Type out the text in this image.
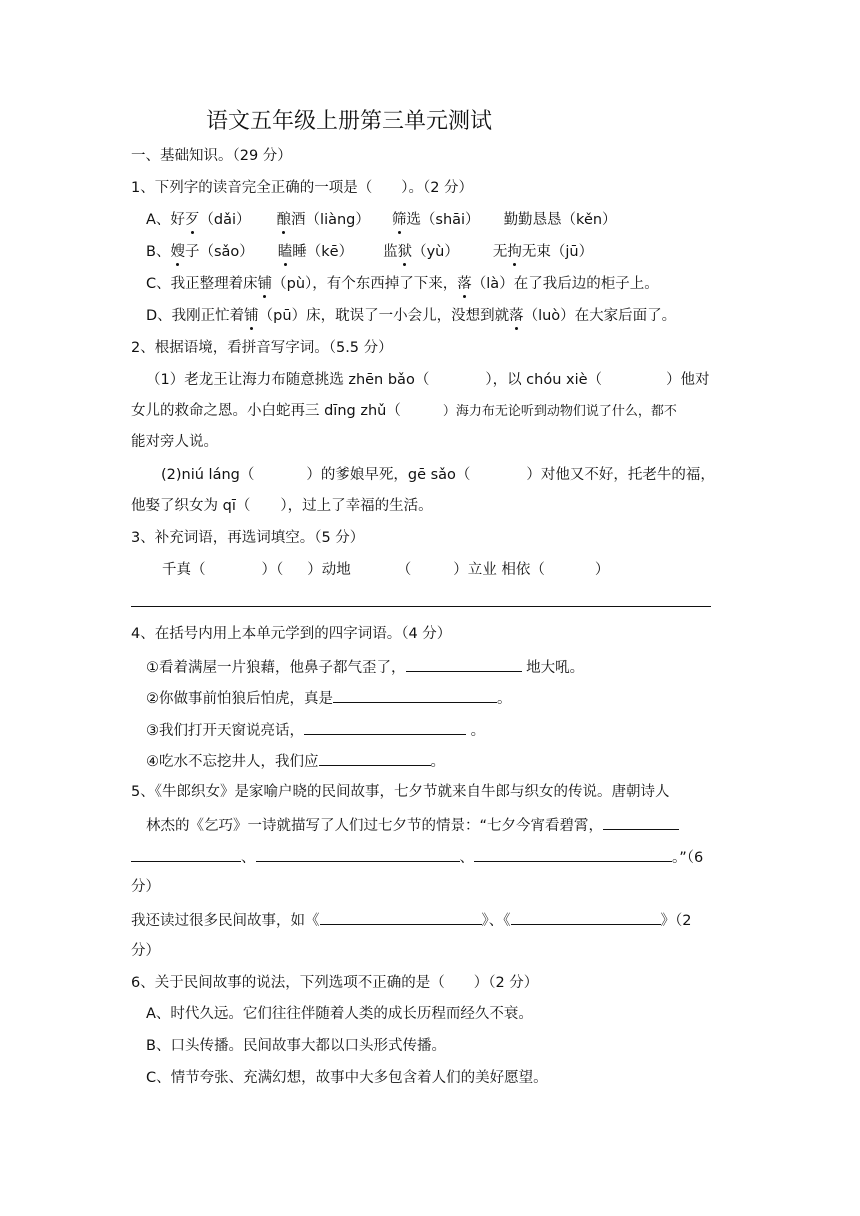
语文五年级上册第三单元测试
一、基础知识。（29 分）
1、下列字的读音完全正确的一项是（　　）。（2 分）
A、好歹（dǎi） 酿酒（liàng） 筛选（shāi） 勤勤恳恳（kěn）
B、嫂子（sǎo） 瞌睡（kē） 监狱（yù） 无拘无束（jū）
C、我正整理着床铺（pù），有个东西掉了下来，落（là）在了我后边的柜子上。
D、我刚正忙着铺（pū）床，耽误了一小会儿，没想到就落（luò）在大家后面了。
2、根据语境，看拼音写字词。（5.5 分）
（1）老龙王让海力布随意挑选 zhēn bǎo（	），以 chóu xiè（	）他对
女儿的救命之恩。小白蛇再三 dīng zhǔ（	）海力布无论听到动物们说了什么，都不
能对旁人说。
(2)niú láng（	）的爹娘早死，gē sǎo（	）对他又不好，托老牛的福，
他娶了织女为 qī（ ），过上了幸福的生活。
3、补充词语，再选词填空。（5 分）
千真（	）（ ）动地	（	）立业 相依（	）
4、在括号内用上本单元学到的四字词语。（4 分）
①看着满屋一片狼藉，他鼻子都气歪了，	地大吼。
②你做事前怕狼后怕虎，真是	。
③我们打开天窗说亮话，	。
④吃水不忘挖井人，我们应	。
5、《牛郎织女》是家喻户晓的民间故事，七夕节就来自牛郎与织女的传说。唐朝诗人
林杰的《乞巧》一诗就描写了人们过七夕节的情景：“七夕今宵看碧霄，
、	、	。”（6
分）
我还读过很多民间故事，如《	》、《	》（2
分）
6、关于民间故事的说法，下列选项不正确的是（　　）（2 分）
A、时代久远。它们往往伴随着人类的成长历程而经久不衰。
B、口头传播。民间故事大都以口头形式传播。
C、情节夸张、充满幻想，故事中大多包含着人们的美好愿望。
